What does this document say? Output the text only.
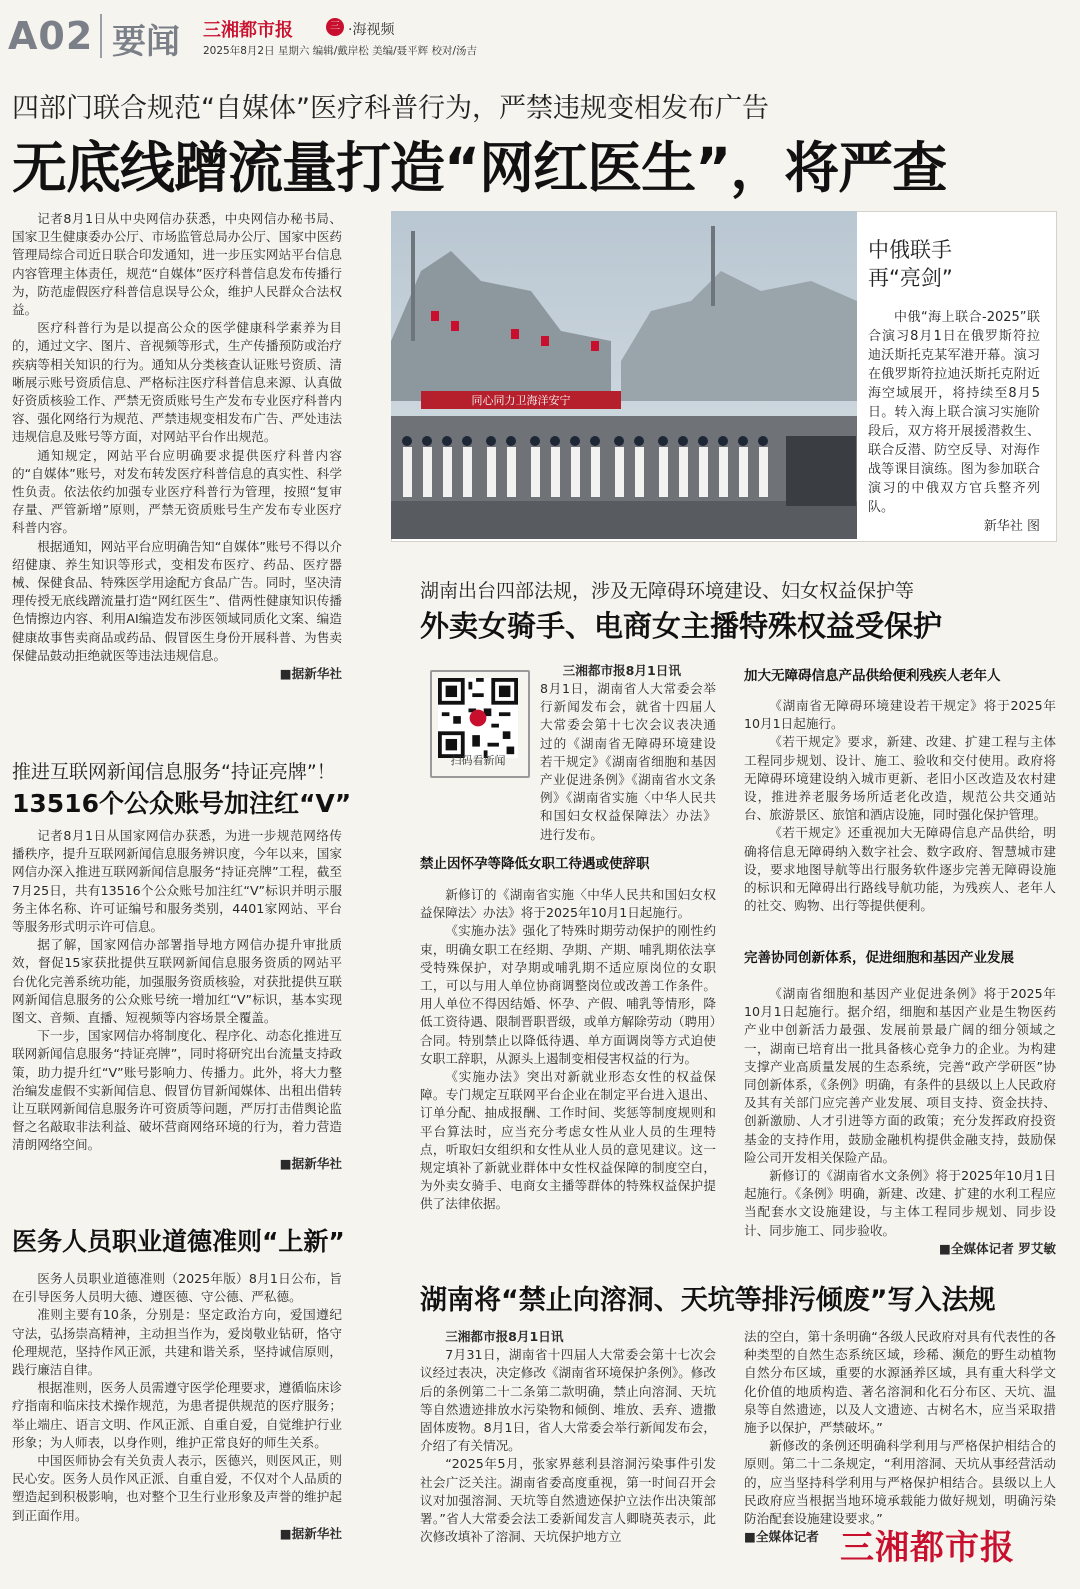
A02 要闻 三湘都市报	三 ·海视频
2025年8月2日 星期六 编辑/戴岸松 美编/聂平辉 校对/汤吉
四部门联合规范“自媒体”医疗科普行为，严禁违规变相发布广告
无底线蹭流量打造“网红医生”，将严查

记者8月1日从中央网信办获悉，中央网信办秘书局、国家卫生健康委办公厅、市场监管总局办公厅、国家中医药管理局综合司近日联合印发通知，进一步压实网站平台信息内容管理主体责任，规范“自媒体”医疗科普信息发布传播行为，防范虚假医疗科普信息误导公众，维护人民群众合法权益。

医疗科普行为是以提高公众的医学健康科学素养为目的，通过文字、图片、音视频等形式，生产传播预防或治疗疾病等相关知识的行为。通知从分类核查认证账号资质、清晰展示账号资质信息、严格标注医疗科普信息来源、认真做好资质核验工作、严禁无资质账号生产发布专业医疗科普内容、强化网络行为规范、严禁违规变相发布广告、严处违法违规信息及账号等方面，对网站平台作出规范。

通知规定，网站平台应明确要求提供医疗科普内容的“自媒体”账号，对发布转发医疗科普信息的真实性、科学性负责。依法依约加强专业医疗科普行为管理，按照“复审存量、严管新增”原则，严禁无资质账号生产发布专业医疗科普内容。

根据通知，网站平台应明确告知“自媒体”账号不得以介绍健康、养生知识等形式，变相发布医疗、药品、医疗器械、保健食品、特殊医学用途配方食品广告。同时，坚决清理传授无底线蹭流量打造“网红医生”、借两性健康知识传播色情擦边内容、利用AI编造发布涉医领域同质化文案、编造健康故事售卖商品或药品、假冒医生身份开展科普、为售卖保健品鼓动拒绝就医等违法违规信息。

■据新华社

推进互联网新闻信息服务“持证亮牌”！
13516个公众账号加注红“V”

记者8月1日从国家网信办获悉，为进一步规范网络传播秩序，提升互联网新闻信息服务辨识度，今年以来，国家网信办深入推进互联网新闻信息服务“持证亮牌”工程，截至7月25日，共有13516个公众账号加注红“V”标识并明示服务主体名称、许可证编号和服务类别，4401家网站、平台等服务形式明示许可信息。

据了解，国家网信办部署指导地方网信办提升审批质效，督促15家获批提供互联网新闻信息服务资质的网站平台优化完善系统功能，加强服务资质核验，对获批提供互联网新闻信息服务的公众账号统一增加红“V”标识，基本实现图文、音频、直播、短视频等内容场景全覆盖。

下一步，国家网信办将制度化、程序化、动态化推进互联网新闻信息服务“持证亮牌”，同时将研究出台流量支持政策，助力提升红“V”账号影响力、传播力。此外，将大力整治编发虚假不实新闻信息、假冒仿冒新闻媒体、出租出借转让互联网新闻信息服务许可资质等问题，严厉打击借舆论监督之名敲取非法利益、破坏营商网络环境的行为，着力营造清朗网络空间。

■据新华社

医务人员职业道德准则“上新”

医务人员职业道德准则（2025年版）8月1日公布，旨在引导医务人员明大德、遵医德、守公德、严私德。

准则主要有10条，分别是：坚定政治方向，爱国遵纪守法，弘扬崇高精神，主动担当作为，爱岗敬业钻研，恪守伦理规范，坚持作风正派，共建和谐关系，坚持诚信原则，践行廉洁自律。

根据准则，医务人员需遵守医学伦理要求，遵循临床诊疗指南和临床技术操作规范，为患者提供规范的医疗服务；举止端庄、语言文明、作风正派、自重自爱，自觉维护行业形象；为人师表，以身作则，维护正常良好的师生关系。

中国医师协会有关负责人表示，医德兴，则医风正，则民心安。医务人员作风正派、自重自爱，不仅对个人品质的塑造起到积极影响，也对整个卫生行业形象及声誉的维护起到正面作用。

■据新华社

同心同力卫海洋安宁
中俄联手
再“亮剑”

中俄“海上联合-2025”联合演习8月1日在俄罗斯符拉迪沃斯托克某军港开幕。演习在俄罗斯符拉迪沃斯托克附近海空域展开，将持续至8月5日。转入海上联合演习实施阶段后，双方将开展援潜救生、联合反潜、防空反导、对海作战等课目演练。图为参加联合演习的中俄双方官兵整齐列队。

新华社 图

湖南出台四部法规，涉及无障碍环境建设、妇女权益保护等
外卖女骑手、电商女主播特殊权益受保护
扫码看新闻

三湘都市报8月1日讯

8月1日，湖南省人大常委会举行新闻发布会，就省十四届人大常委会第十七次会议表决通过的《湖南省无障碍环境建设若干规定》《湖南省细胞和基因产业促进条例》《湖南省水文条例》《湖南省实施〈中华人民共和国妇女权益保障法〉办法》进行发布。

禁止因怀孕等降低女职工待遇或使辞职

新修订的《湖南省实施〈中华人民共和国妇女权益保障法〉办法》将于2025年10月1日起施行。

《实施办法》强化了特殊时期劳动保护的刚性约束，明确女职工在经期、孕期、产期、哺乳期依法享受特殊保护，对孕期或哺乳期不适应原岗位的女职工，可以与用人单位协商调整岗位或改善工作条件。用人单位不得因结婚、怀孕、产假、哺乳等情形，降低工资待遇、限制晋职晋级，或单方解除劳动（聘用）合同。特别禁止以降低待遇、单方面调岗等方式迫使女职工辞职，从源头上遏制变相侵害权益的行为。

《实施办法》突出对新就业形态女性的权益保障。专门规定互联网平台企业在制定平台进入退出、订单分配、抽成报酬、工作时间、奖惩等制度规则和平台算法时，应当充分考虑女性从业人员的生理特点，听取妇女组织和女性从业人员的意见建议。这一规定填补了新就业群体中女性权益保障的制度空白，为外卖女骑手、电商女主播等群体的特殊权益保护提供了法律依据。

加大无障碍信息产品供给便利残疾人老年人

《湖南省无障碍环境建设若干规定》将于2025年10月1日起施行。

《若干规定》要求，新建、改建、扩建工程与主体工程同步规划、设计、施工、验收和交付使用。政府将无障碍环境建设纳入城市更新、老旧小区改造及农村建设，推进养老服务场所适老化改造，规范公共交通站台、旅游景区、旅馆和酒店设施，同时强化保护管理。

《若干规定》还重视加大无障碍信息产品供给，明确将信息无障碍纳入数字社会、数字政府、智慧城市建设，要求地图导航等出行服务软件逐步完善无障碍设施的标识和无障碍出行路线导航功能，为残疾人、老年人的社交、购物、出行等提供便利。

完善协同创新体系，促进细胞和基因产业发展

《湖南省细胞和基因产业促进条例》将于2025年10月1日起施行。据介绍，细胞和基因产业是生物医药产业中创新活力最强、发展前景最广阔的细分领域之一，湖南已培育出一批具备核心竞争力的企业。为构建支撑产业高质量发展的生态系统，完善“政产学研医”协同创新体系，《条例》明确，有条件的县级以上人民政府及其有关部门应完善产业发展、项目支持、资金扶持、创新激励、人才引进等方面的政策；充分发挥政府投资基金的支持作用，鼓励金融机构提供金融支持，鼓励保险公司开发相关保险产品。

新修订的《湖南省水文条例》将于2025年10月1日起施行。《条例》明确，新建、改建、扩建的水利工程应当配套水文设施建设，与主体工程同步规划、同步设计、同步施工、同步验收。

■全媒体记者 罗艾敏

湖南将“禁止向溶洞、天坑等排污倾废”写入法规

三湘都市报8月1日讯

7月31日，湖南省十四届人大常委会第十七次会议经过表决，决定修改《湖南省环境保护条例》。修改后的条例第二十二条第二款明确，禁止向溶洞、天坑等自然遗迹排放水污染物和倾倒、堆放、丢弃、遗撒固体废物。8月1日，省人大常委会举行新闻发布会，介绍了有关情况。

“2025年5月，张家界慈利县溶洞污染事件引发社会广泛关注。湖南省委高度重视，第一时间召开会议对加强溶洞、天坑等自然遗迹保护立法作出决策部署。”省人大常委会法工委新闻发言人卿晓英表示，此次修改填补了溶洞、天坑保护地方立

法的空白，第十条明确“各级人民政府对具有代表性的各种类型的自然生态系统区域，珍稀、濒危的野生动植物自然分布区域，重要的水源涵养区域，具有重大科学文化价值的地质构造、著名溶洞和化石分布区、天坑、温泉等自然遗迹，以及人文遗迹、古树名木，应当采取措施予以保护，严禁破坏。”

新修改的条例还明确科学利用与严格保护相结合的原则。第二十二条规定，“利用溶洞、天坑从事经营活动的，应当坚持科学利用与严格保护相结合。县级以上人民政府应当根据当地环境承载能力做好规划，明确污染防治配套设施建设要求。”

■全媒体记者 三湘都市报
